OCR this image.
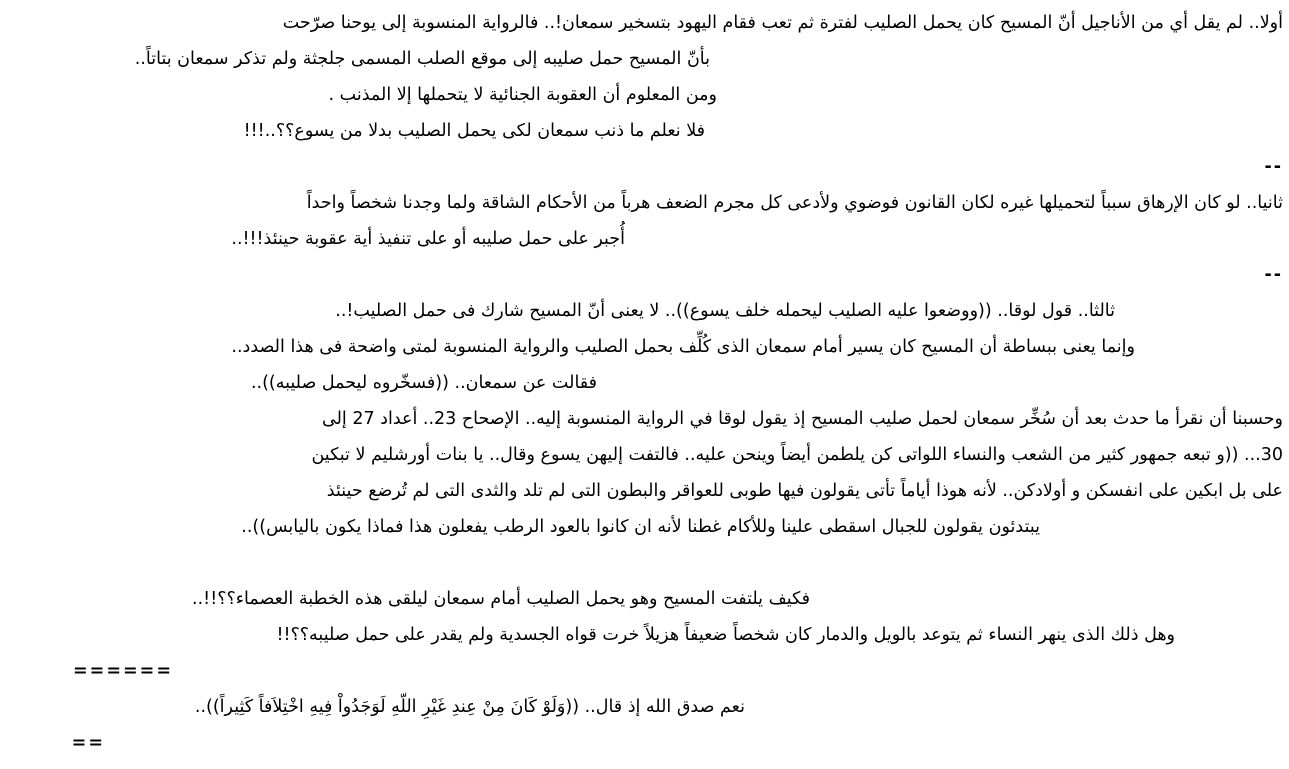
أولا.. لم يقل أي من الأناجيل أنّ المسيح كان يحمل الصليب لفترة ثم تعب فقام اليهود بتسخير سمعان!.. فالرواية المنسوبة إلى يوحنا صرّحت
بأنّ المسيح حمل صليبه إلى موقع الصلب المسمى جلجثة ولم تذكر سمعان بتاتاً..
ومن المعلوم أن العقوبة الجنائية لا يتحملها إلا المذنب .
فلا نعلم ما ذنب سمعان لكى يحمل الصليب بدلا من يسوع؟؟..!!!
--
ثانيا.. لو كان الإرهاق سبباً لتحميلها غيره لكان القانون فوضوي ولأدعى كل مجرم الضعف هرباً من الأحكام الشاقة ولما وجدنا شخصاً واحداً
أُجبر على حمل صليبه أو على تنفيذ أية عقوبة حينئذ!!!..
--
ثالثا.. قول لوقا.. ((ووضعوا عليه الصليب ليحمله خلف يسوع)).. لا يعنى أنّ المسيح شارك فى حمل الصليب!..
وإنما يعنى ببساطة أن المسيح كان يسير أمام سمعان الذى كُلِّف بحمل الصليب والرواية المنسوبة لمتى واضحة فى هذا الصدد..
فقالت عن سمعان.. ((فسخّروه ليحمل صليبه))..
وحسبنا أن نقرأ ما حدث بعد أن سُخِّر سمعان لحمل صليب المسيح إذ يقول لوقا في الرواية المنسوبة إليه.. الإصحاح 23.. أعداد 27 إلى
30... ((و تبعه جمهور كثير من الشعب والنساء اللواتى كن يلطمن أيضاً وينحن عليه.. فالتفت إليهن يسوع وقال.. يا بنات أورشليم لا تبكين
على بل ابكين على انفسكن و أولادكن.. لأنه هوذا أياماً تأتى يقولون فيها طوبى للعواقر والبطون التى لم تلد والثدى التى لم تُرضع حينئذ
يبتدئون يقولون للجبال اسقطى علينا وللأكام غطنا لأنه ان كانوا بالعود الرطب يفعلون هذا فماذا يكون باليابس))..
فكيف يلتفت المسيح وهو يحمل الصليب أمام سمعان ليلقى هذه الخطبة العصماء؟؟!!..
وهل ذلك الذى ينهر النساء ثم يتوعد بالويل والدمار كان شخصاً ضعيفاً هزيلاً خرت قواه الجسدية ولم يقدر على حمل صليبه؟؟!!
======
نعم صدق الله إذ قال.. ((وَلَوْ كَانَ مِنْ عِندِ غَيْرِ اللّهِ لَوَجَدُواْ فِيهِ اخْتِلاَفاً كَثِيراً))..
==
